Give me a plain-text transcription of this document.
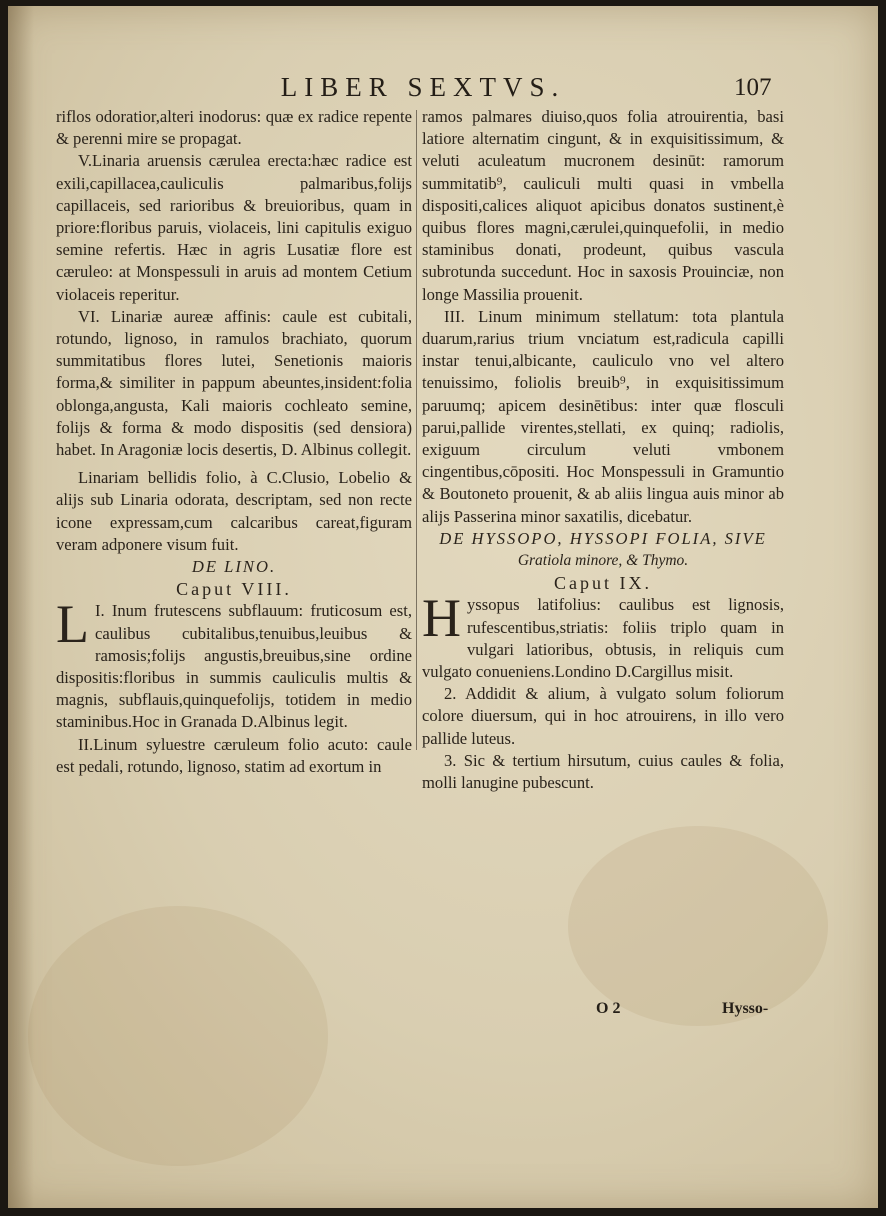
LIBER SEXTVS.	107

riflos odoratior,alteri inodorus: quæ ex radice repente & perenni mire se propagat.

V.Linaria aruensis cærulea erecta:hæc radice est exili,capillacea,cauliculis palmaribus,folijs capillaceis, sed rarioribus & breuioribus, quam in priore:floribus paruis, violaceis, lini capitulis exiguo semine refertis. Hæc in agris Lusatiæ flore est cæruleo: at Monspessuli in aruis ad montem Cetium violaceis reperitur.

VI. Linariæ aureæ affinis: caule est cubitali, rotundo, lignoso, in ramulos brachiato, quorum summitatibus flores lutei, Senetionis maioris forma,& similiter in pappum abeuntes,insident:folia oblonga,angusta, Kali maioris cochleato semine, folijs & forma & modo dispositis (sed densiora) habet. In Aragoniæ locis desertis, D. Albinus collegit.

Linariam bellidis folio, à C.Clusio, Lobelio & alijs sub Linaria odorata, descriptam, sed non recte icone expressam,cum calcaribus careat,figuram veram adponere visum fuit.

DE LINO.

Caput VIII.

L I. Inum frutescens subflauum: fruticosum est, caulibus cubitalibus,tenuibus,leuibus & ramosis;folijs angustis,breuibus,sine ordine dispositis:floribus in summis cauliculis multis & magnis, subflauis,quinquefolijs, totidem in medio staminibus.Hoc in Granada D.Albinus legit.

II.Linum syluestre cæruleum folio acuto: caule est pedali, rotundo, lignoso, statim ad exortum in

ramos palmares diuiso,quos folia atrouirentia, basi latiore alternatim cingunt, & in exquisitissimum, & veluti aculeatum mucronem desinūt: ramorum summitatib⁹, cauliculi multi quasi in vmbella dispositi,calices aliquot apicibus donatos sustinent,è quibus flores magni,cærulei,quinquefolii, in medio staminibus donati, prodeunt, quibus vascula subrotunda succedunt. Hoc in saxosis Prouinciæ, non longe Massilia prouenit.

III. Linum minimum stellatum: tota plantula duarum,rarius trium vnciatum est,radicula capilli instar tenui,albicante, cauliculo vno vel altero tenuissimo, foliolis breuib⁹, in exquisitissimum paruumq; apicem desinētibus: inter quæ flosculi parui,pallide virentes,stellati, ex quinq; radiolis, exiguum circulum veluti vmbonem cingentibus,cōpositi. Hoc Monspessuli in Gramuntio & Boutoneto prouenit, & ab aliis lingua auis minor ab alijs Passerina minor saxatilis, dicebatur.

DE HYSSOPO, HYSSOPI FOLIA, SIVE

Gratiola minore, & Thymo.

Caput IX.

H yssopus latifolius: caulibus est lignosis, rufescentibus,striatis: foliis triplo quam in vulgari latioribus, obtusis, in reliquis cum vulgato conueniens.Londino D.Cargillus misit.

2. Addidit & alium, à vulgato solum foliorum colore diuersum, qui in hoc atrouirens, in illo vero pallide luteus.

3. Sic & tertium hirsutum, cuius caules & folia, molli lanugine pubescunt.

O 2	Hysso-
